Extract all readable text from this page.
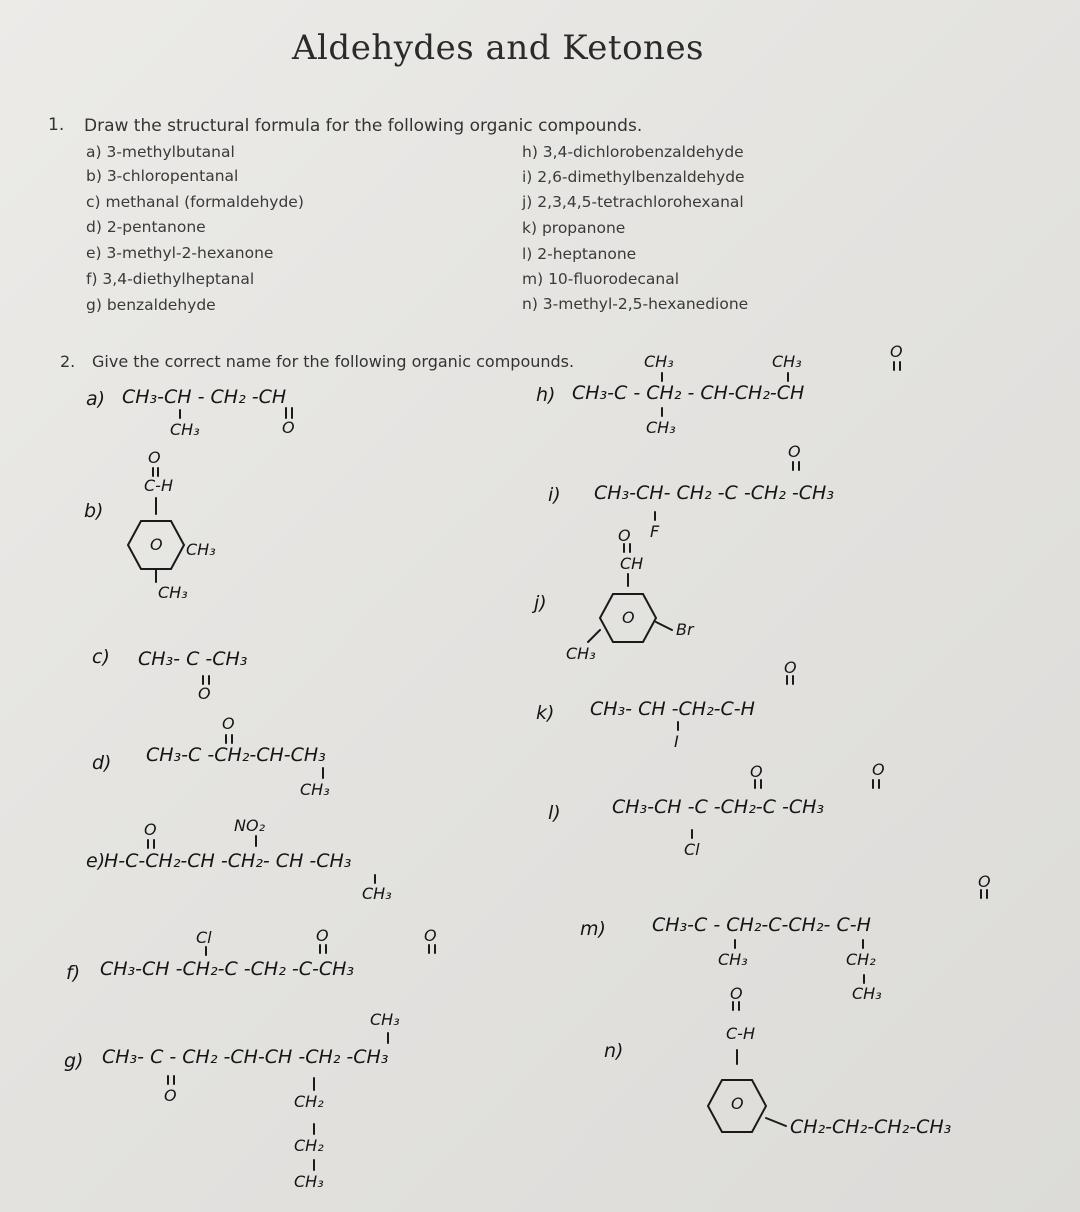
Aldehydes and Ketones
1. Draw the structural formula for the following organic compounds.
a) 3-methylbutanal
b) 3-chloropentanal
c) methanal (formaldehyde)
d) 2-pentanone
e) 3-methyl-2-hexanone
f) 3,4-diethylheptanal
g) benzaldehyde
h) 3,4-dichlorobenzaldehyde
i) 2,6-dimethylbenzaldehyde
j) 2,3,4,5-tetrachlorohexanal
k) propanone
l) 2-heptanone
m) 10-fluorodecanal
n) 3-methyl-2,5-hexanedione
2. Give the correct name for the following organic compounds.
a) CH₃-CH - CH₂ -CH
CH₃	O
b)
O
C-H
O CH₃
CH₃
c) CH₃- C -CH₃
O
d)
O
CH₃-C -CH₂-CH-CH₃
CH₃
e)
O	NO₂
H-C-CH₂-CH -CH₂- CH -CH₃
CH₃
f)
Cl	O	O
CH₃-CH -CH₂-C -CH₂ -C-CH₃
g)
CH₃
CH₃- C - CH₂ -CH-CH -CH₂ -CH₃
O	CH₂
CH₂
CH₃
h)
CH₃	CH₃
O
CH₃-C - CH₂ - CH-CH₂-CH
CH₃
i)
O
CH₃-CH- CH₂ -C -CH₂ -CH₃
F
j)
O
CH
O
Br
CH₃
k)
O
CH₃- CH -CH₂-C-H
I
l)
O	O
CH₃-CH -C -CH₂-C -CH₃
Cl
m)
O
CH₃-C - CH₂-C-CH₂- C-H
CH₃	CH₂
CH₃
n)
O
C-H
O
CH₂-CH₂-CH₂-CH₃
